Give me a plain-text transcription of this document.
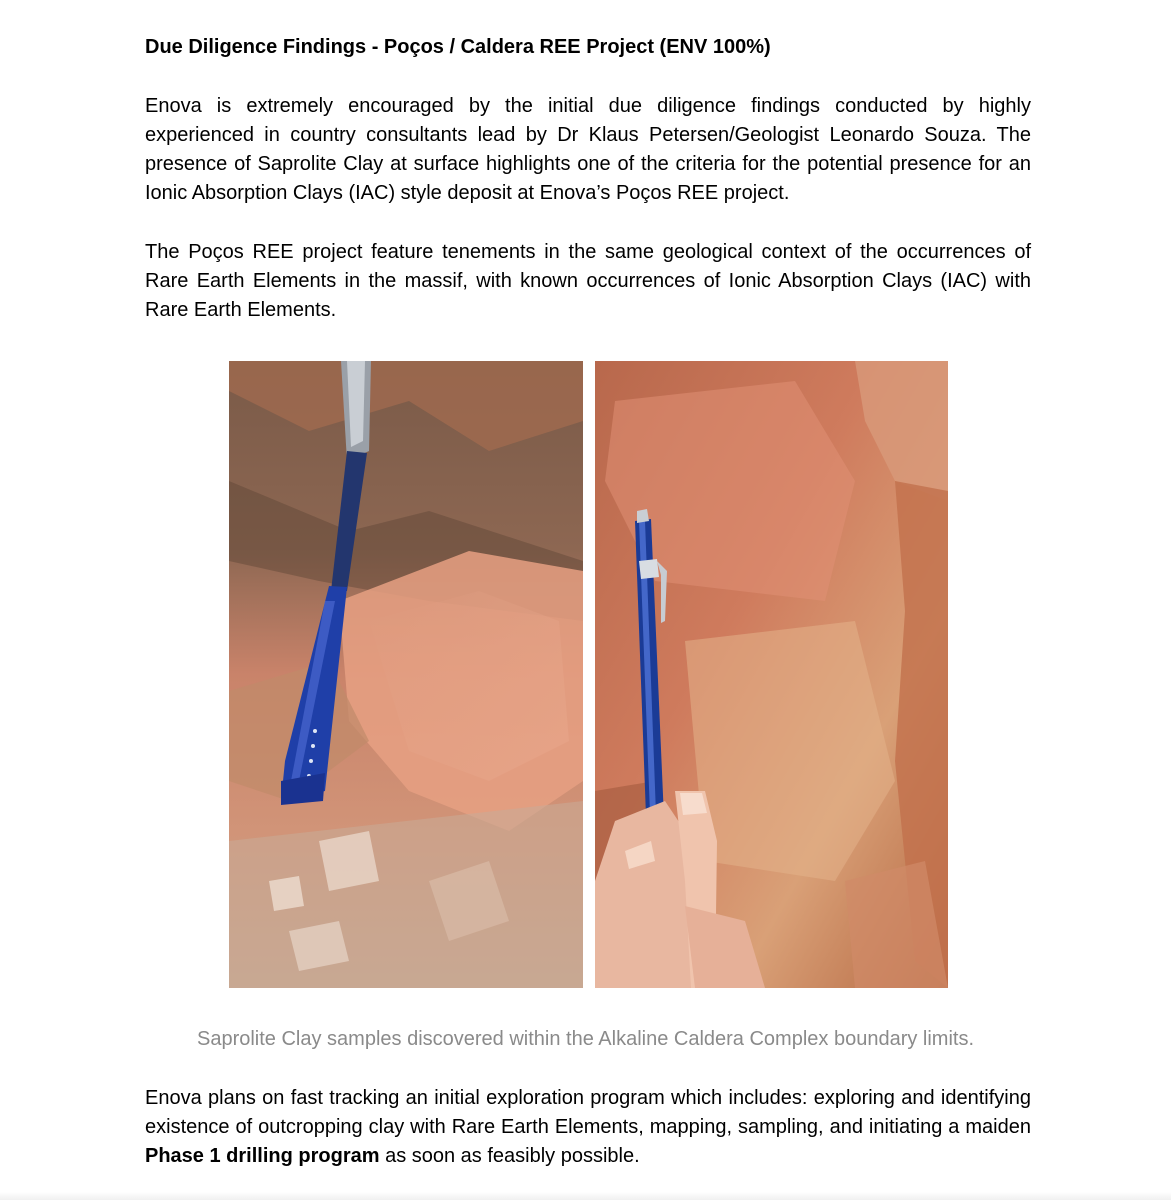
Due Diligence Findings - Poços / Caldera REE Project (ENV 100%)

Enova is extremely encouraged by the initial due diligence findings conducted by highly experienced in country consultants lead by Dr Klaus Petersen/Geologist Leonardo Souza. The presence of Saprolite Clay at surface highlights one of the criteria for the potential presence for an Ionic Absorption Clays (IAC) style deposit at Enova’s Poços REE project.

The Poços REE project feature tenements in the same geological context of the occurrences of Rare Earth Elements in the massif, with known occurrences of Ionic Absorption Clays (IAC) with Rare Earth Elements.

Saprolite Clay samples discovered within the Alkaline Caldera Complex boundary limits.

Enova plans on fast tracking an initial exploration program which includes: exploring and identifying existence of outcropping clay with Rare Earth Elements, mapping, sampling, and initiating a maiden Phase 1 drilling program as soon as feasibly possible.
